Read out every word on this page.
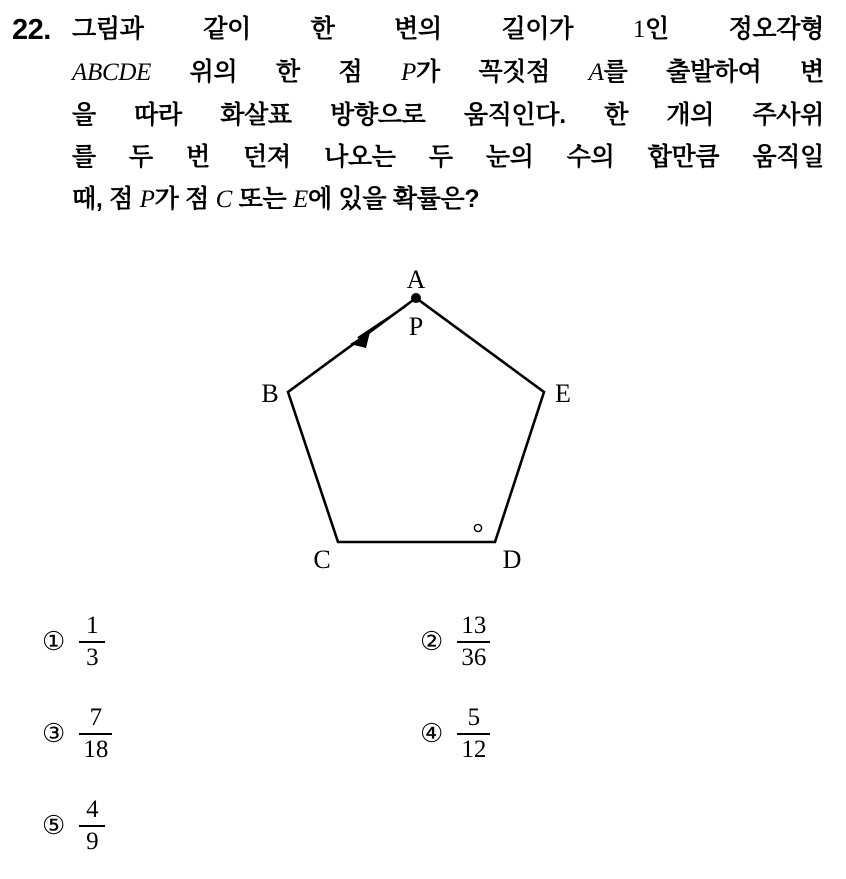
22. 그림과 같이 한 변의 길이가 1인 정오각형
ABCDE 위의 한 점 P가 꼭짓점 A를 출발하여 변
을 따라 화살표 방향으로 움직인다. 한 개의 주사위
를 두 번 던져 나오는 두 눈의 수의 합만큼 움직일
때, 점 P가 점 C 또는 E에 있을 확률은?
A
P
B
C	D
E
① $\frac{1}{3}$	② $\frac{13}{36}$
③ $\frac{7}{18}$	④ $\frac{5}{12}$
⑤ $\frac{4}{9}$
